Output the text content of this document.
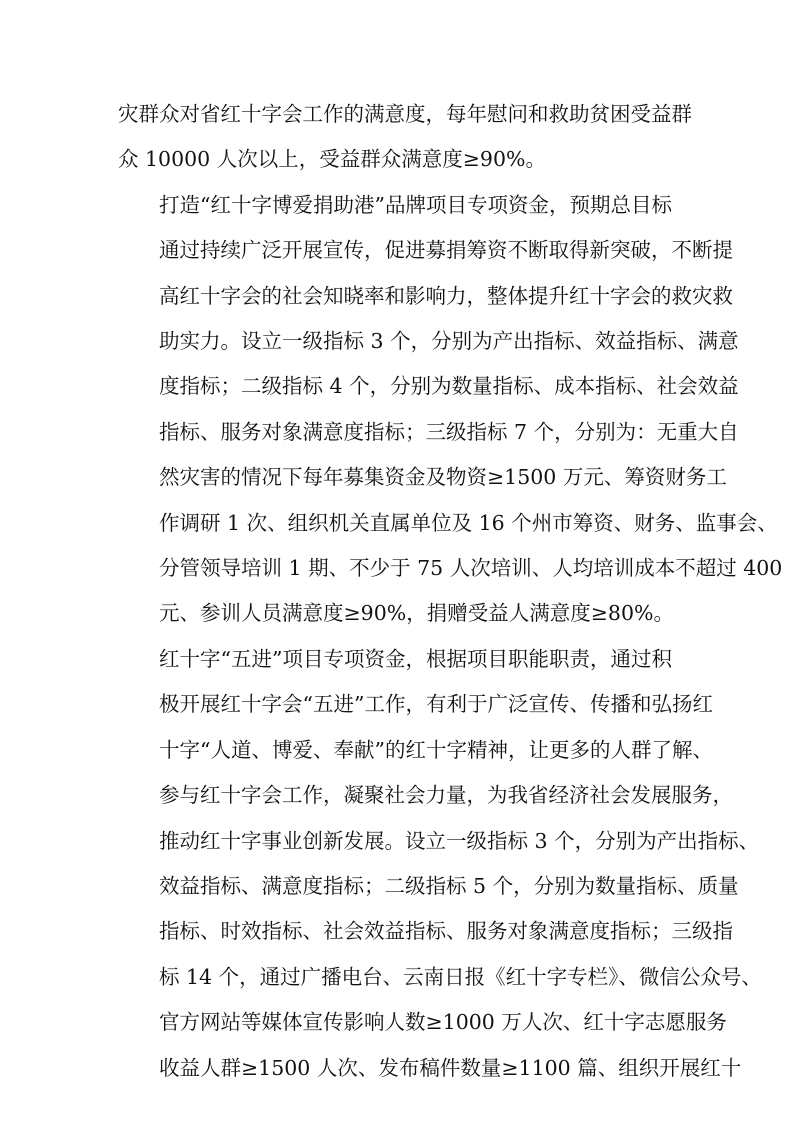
灾群众对省红十字会工作的满意度，每年慰问和救助贫困受益群
众 10000 人次以上，受益群众满意度≥90%。

打造“红十字博爱捐助港”品牌项目专项资金，预期总目标
通过持续广泛开展宣传，促进募捐筹资不断取得新突破，不断提
高红十字会的社会知晓率和影响力，整体提升红十字会的救灾救
助实力。设立一级指标 3 个，分别为产出指标、效益指标、满意
度指标；二级指标 4 个，分别为数量指标、成本指标、社会效益
指标、服务对象满意度指标；三级指标 7 个，分别为：无重大自
然灾害的情况下每年募集资金及物资≥1500 万元、筹资财务工
作调研 1 次、组织机关直属单位及 16 个州市筹资、财务、监事会、
分管领导培训 1 期、不少于 75 人次培训、人均培训成本不超过 400
元、参训人员满意度≥90%，捐赠受益人满意度≥80%。

红十字“五进”项目专项资金，根据项目职能职责，通过积
极开展红十字会“五进”工作，有利于广泛宣传、传播和弘扬红
十字“人道、博爱、奉献”的红十字精神，让更多的人群了解、
参与红十字会工作，凝聚社会力量，为我省经济社会发展服务，
推动红十字事业创新发展。设立一级指标 3 个，分别为产出指标、
效益指标、满意度指标；二级指标 5 个，分别为数量指标、质量
指标、时效指标、社会效益指标、服务对象满意度指标；三级指
标 14 个，通过广播电台、云南日报《红十字专栏》、微信公众号、
官方网站等媒体宣传影响人数≥1000 万人次、红十字志愿服务
收益人群≥1500 人次、发布稿件数量≥1100 篇、组织开展红十
